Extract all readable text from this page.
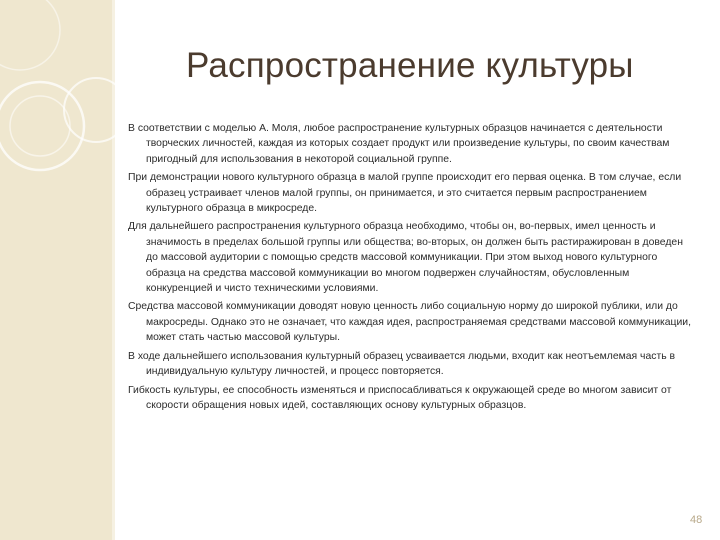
Распространение культуры

В соответствии с моделью А. Моля, любое распространение культурных образцов начинается с деятельности творческих личностей, каждая из которых создает продукт или произведение культуры, по своим качествам пригодный для использования в некоторой социальной группе.

При демонстрации нового культурного образца в малой группе происходит его первая оценка. В том случае, если образец устраивает членов малой группы, он принимается, и это считается первым распространением культурного образца в микросреде.

Для дальнейшего распространения культурного образца необходимо, чтобы он, во-первых, имел ценность и значимость в пределах большой группы или общества; во-вторых, он должен быть растиражирован в доведен до массовой аудитории с помощью средств массовой коммуникации. При этом выход нового культурного образца на средства массовой коммуникации во многом подвержен случайностям, обусловленным конкуренцией и чисто техническими условиями.

Средства массовой коммуникации доводят новую ценность либо социальную норму до широкой публики, или до макросреды. Однако это не означает, что каждая идея, распространяемая средствами массовой коммуникации, может стать частью массовой культуры.

В ходе дальнейшего использования культурный образец усваивается людьми, входит как неотъемлемая часть в индивидуальную культуру личностей, и процесс повторяется.

Гибкость культуры, ее способность изменяться и приспосабливаться к окружающей среде во многом зависит от скорости обращения новых идей, составляющих основу культурных образцов.

48
